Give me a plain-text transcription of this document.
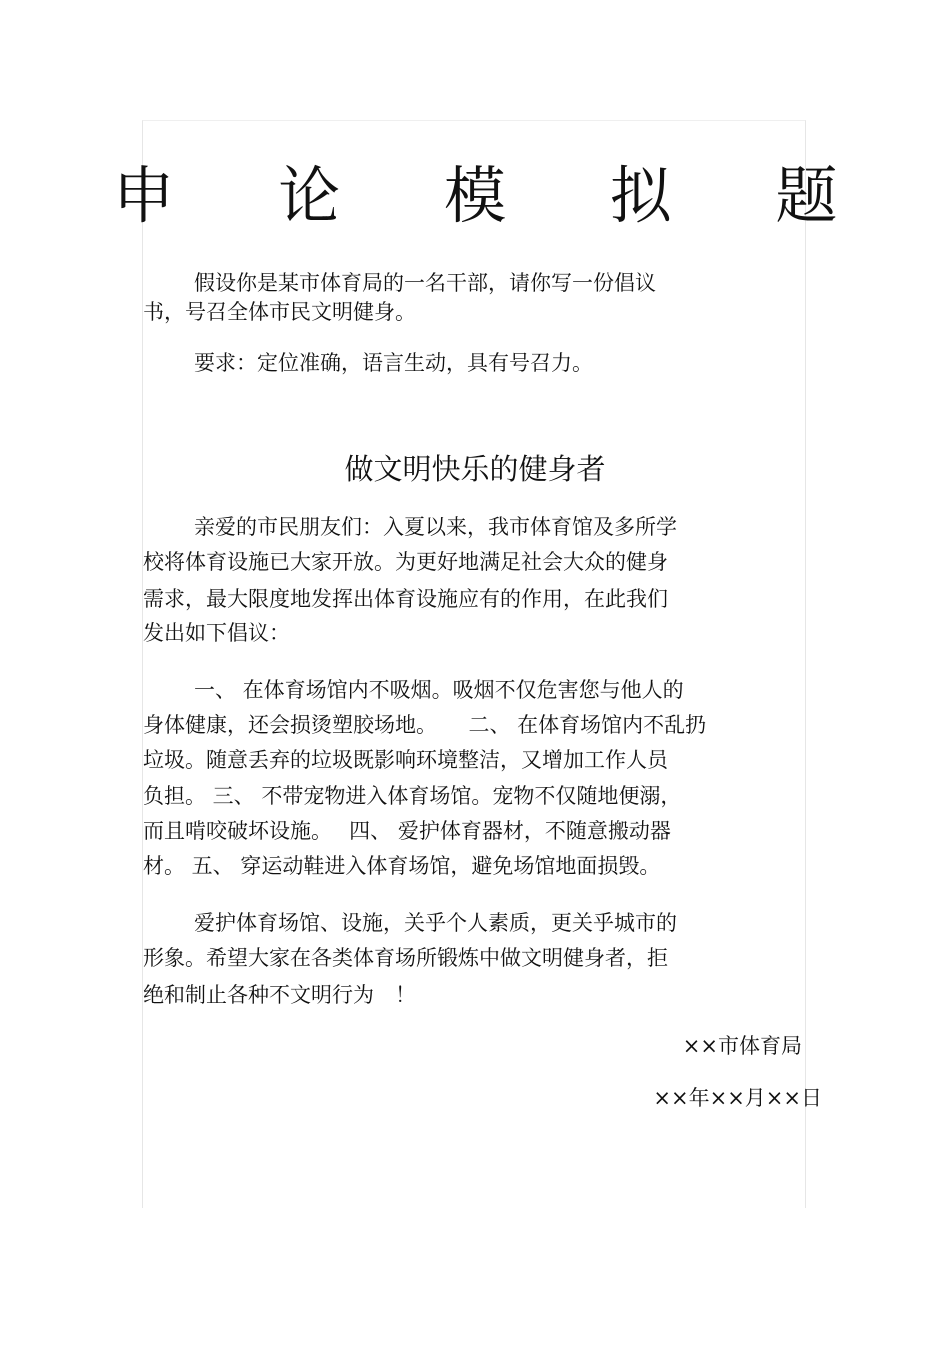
申 论 模 拟 题

假设你是某市体育局的一名干部，请你写一份倡议

书，号召全体市民文明健身。

要求：定位准确，语言生动，具有号召力。

做文明快乐的健身者

亲爱的市民朋友们：入夏以来，我市体育馆及多所学

校将体育设施已大家开放。为更好地满足社会大众的健身

需求，最大限度地发挥出体育设施应有的作用，在此我们

发出如下倡议：

一、 在体育场馆内不吸烟。吸烟不仅危害您与他人的

身体健康，还会损烫塑胶场地。　　二、 在体育场馆内不乱扔

垃圾。随意丢弃的垃圾既影响环境整洁，又增加工作人员

负担。 三、 不带宠物进入体育场馆。宠物不仅随地便溺，

而且啃咬破坏设施。　 四、 爱护体育器材，不随意搬动器

材。 五、 穿运动鞋进入体育场馆，避免场馆地面损毁。

爱护体育场馆、设施，关乎个人素质，更关乎城市的

形象。希望大家在各类体育场所锻炼中做文明健身者，拒

绝和制止各种不文明行为　！

××市体育局

××年××月××日
